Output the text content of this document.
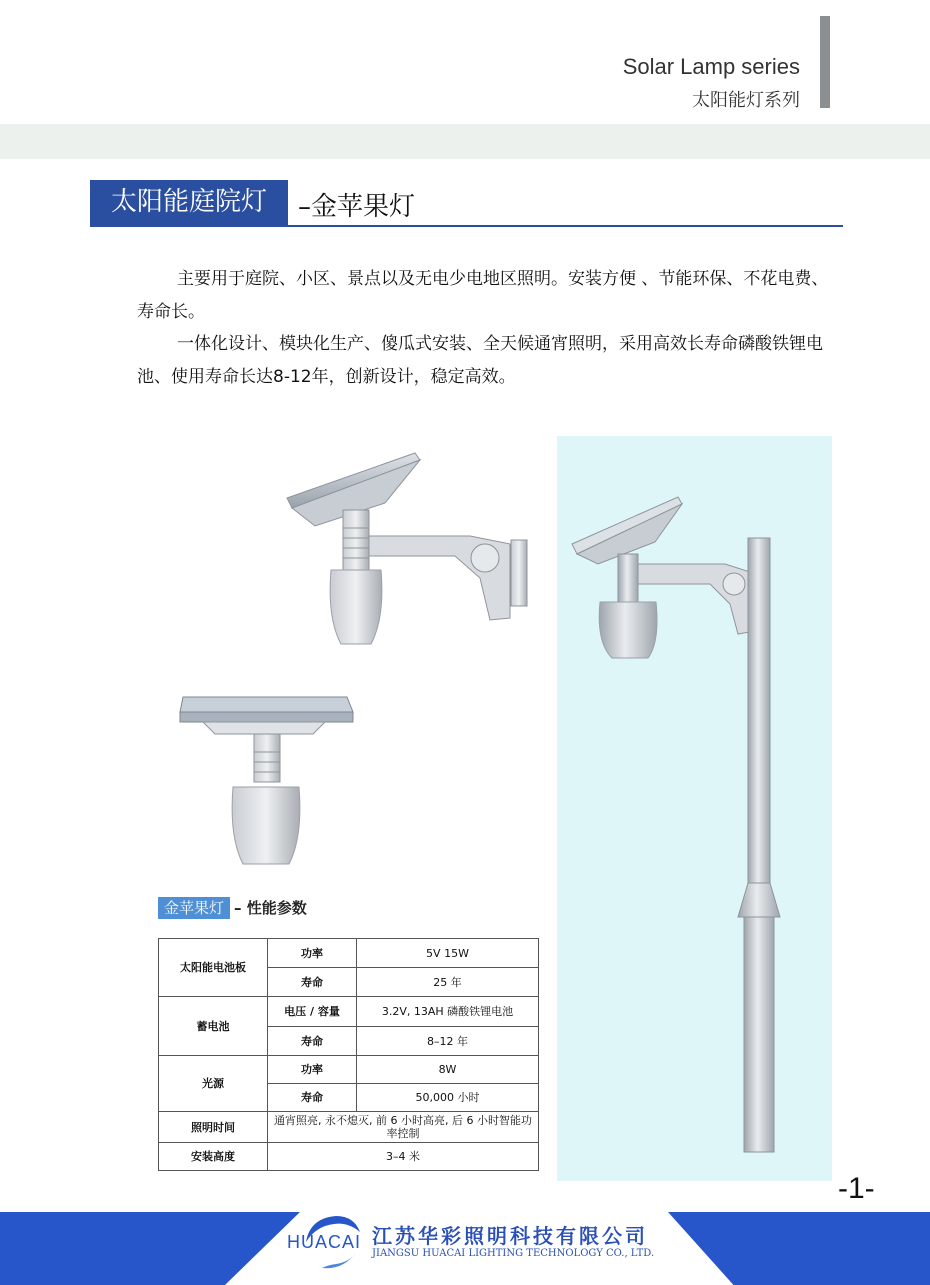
Solar Lamp series
太阳能灯系列
太阳能庭院灯	–金苹果灯

主要用于庭院、小区、景点以及无电少电地区照明。安装方便 、节能环保、不花电费、寿命长。

一体化设计、模块化生产、傻瓜式安装、全天候通宵照明，采用高效长寿命磷酸铁锂电池、使用寿命长达8-12年，创新设计，稳定高效。

金苹果灯 – 性能参数
太阳能电池板	功率	5V 15W
	寿命	25 年
蓄电池	电压 / 容量	3.2V, 13AH 磷酸铁锂电池
	寿命	8–12 年
光源	功率	8W
	寿命	50,000 小时
照明时间	通宵照亮, 永不熄灭, 前 6 小时高亮, 后 6 小时智能功率控制	
安装高度	3–4 米	
-1-
HUACAI 江苏华彩照明科技有限公司
JIANGSU HUACAI LIGHTING TECHNOLOGY CO., LTD.
